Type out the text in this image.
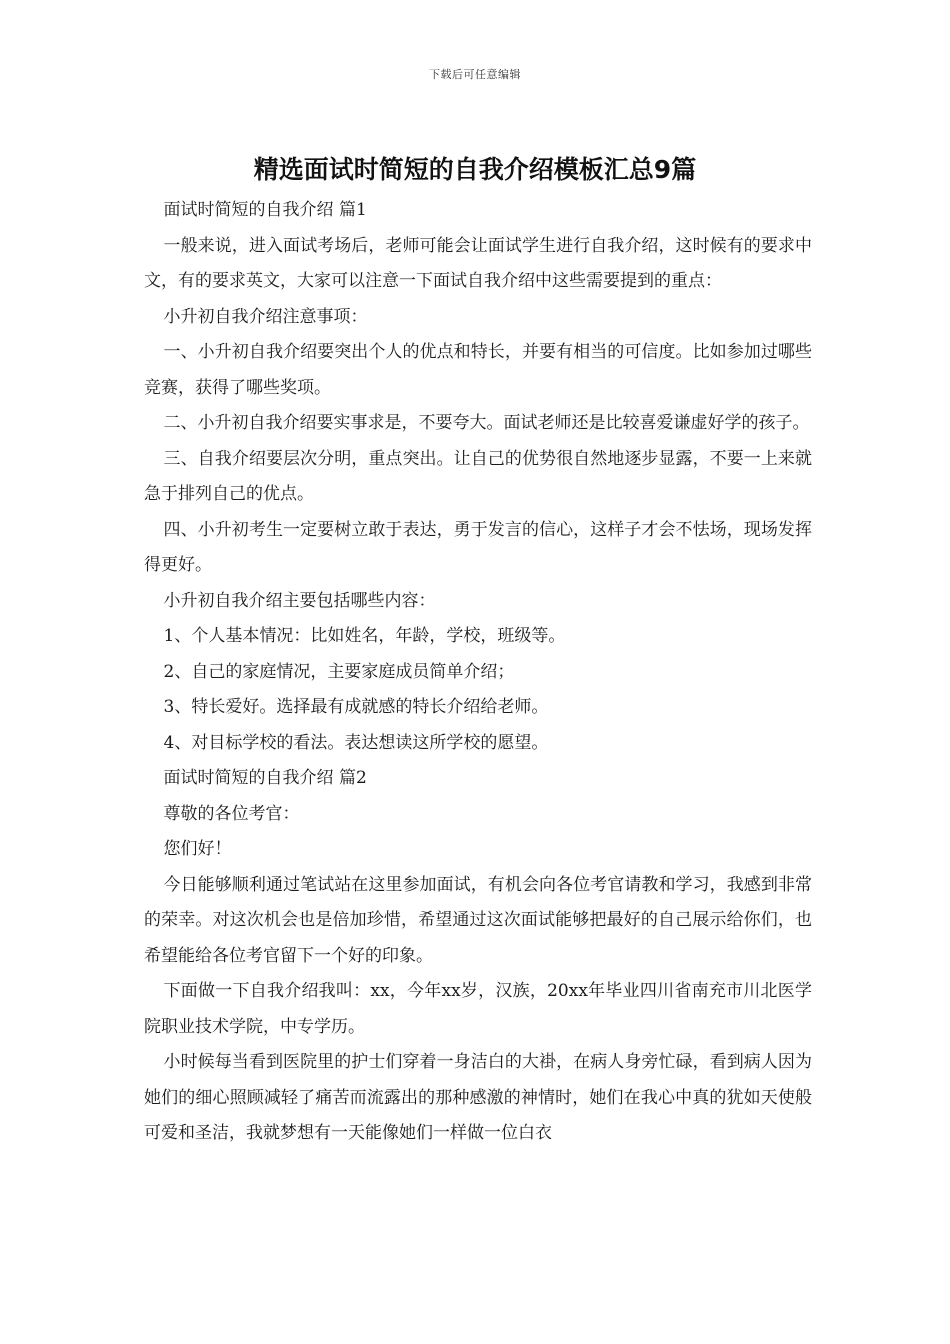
下载后可任意编辑
精选面试时简短的自我介绍模板汇总9篇

面试时简短的自我介绍 篇1

一般来说，进入面试考场后，老师可能会让面试学生进行自我介绍，这时候有的要求中文，有的要求英文，大家可以注意一下面试自我介绍中这些需要提到的重点：

小升初自我介绍注意事项：

一、小升初自我介绍要突出个人的优点和特长，并要有相当的可信度。比如参加过哪些竞赛，获得了哪些奖项。

二、小升初自我介绍要实事求是，不要夸大。面试老师还是比较喜爱谦虚好学的孩子。

三、自我介绍要层次分明，重点突出。让自己的优势很自然地逐步显露，不要一上来就急于排列自己的优点。

四、小升初考生一定要树立敢于表达，勇于发言的信心，这样子才会不怯场，现场发挥得更好。

小升初自我介绍主要包括哪些内容：

1、个人基本情况：比如姓名，年龄，学校，班级等。

2、自己的家庭情况，主要家庭成员简单介绍；

3、特长爱好。选择最有成就感的特长介绍给老师。

4、对目标学校的看法。表达想读这所学校的愿望。

面试时简短的自我介绍 篇2

尊敬的各位考官：

您们好！

今日能够顺利通过笔试站在这里参加面试，有机会向各位考官请教和学习，我感到非常的荣幸。对这次机会也是倍加珍惜，希望通过这次面试能够把最好的自己展示给你们，也希望能给各位考官留下一个好的印象。

下面做一下自我介绍我叫：xx，今年xx岁，汉族，20xx年毕业四川省南充市川北医学院职业技术学院，中专学历。

小时候每当看到医院里的护士们穿着一身洁白的大褂，在病人身旁忙碌，看到病人因为她们的细心照顾减轻了痛苦而流露出的那种感激的神情时，她们在我心中真的犹如天使般可爱和圣洁，我就梦想有一天能像她们一样做一位白衣
